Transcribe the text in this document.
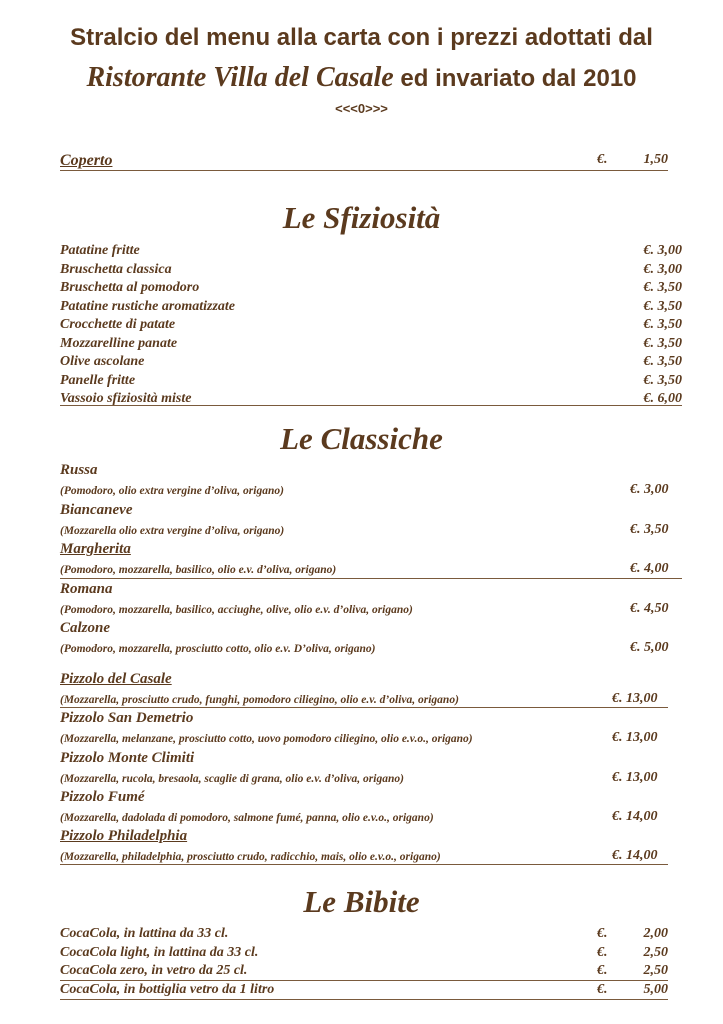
Stralcio del menu alla carta con i prezzi adottati dal
Ristorante Villa del Casale ed invariato dal 2010
<<<0>>>
Coperto	€.	1,50
Le Sfiziosità
Patatine fritte	€. 3,00
Bruschetta classica	€. 3,00
Bruschetta al pomodoro	€. 3,50
Patatine rustiche aromatizzate	€. 3,50
Crocchette di patate	€. 3,50
Mozzarelline panate	€. 3,50
Olive ascolane	€. 3,50
Panelle fritte	€. 3,50
Vassoio sfiziosità miste	€. 6,00
Le Classiche
Russa
(Pomodoro, olio extra vergine d’oliva, origano)	€. 3,00
Biancaneve
(Mozzarella olio extra vergine d’oliva, origano)	€. 3,50
Margherita
(Pomodoro, mozzarella, basilico, olio e.v. d’oliva, origano)	€. 4,00
Romana
(Pomodoro, mozzarella, basilico, acciughe, olive, olio e.v. d’oliva, origano)	€. 4,50
Calzone
(Pomodoro, mozzarella, prosciutto cotto, olio e.v. D’oliva, origano)	€. 5,00
Pizzolo del Casale
(Mozzarella, prosciutto crudo, funghi, pomodoro ciliegino, olio e.v. d’oliva, origano)	€. 13,00
Pizzolo San Demetrio
(Mozzarella, melanzane, prosciutto cotto, uovo pomodoro ciliegino, olio e.v.o., origano)	€. 13,00
Pizzolo Monte Climiti
(Mozzarella, rucola, bresaola, scaglie di grana, olio e.v. d’oliva, origano)	€. 13,00
Pizzolo Fumé
(Mozzarella, dadolada di pomodoro, salmone fumé, panna, olio e.v.o., origano)	€. 14,00
Pizzolo Philadelphia
(Mozzarella, philadelphia, prosciutto crudo, radicchio, mais, olio e.v.o., origano)	€. 14,00
Le Bibite
CocaCola, in lattina da 33 cl.	€.	2,00
CocaCola light, in lattina da 33 cl.	€.	2,50
CocaCola zero, in vetro da 25 cl.	€.	2,50
CocaCola, in bottiglia vetro da 1 litro	€.	5,00
